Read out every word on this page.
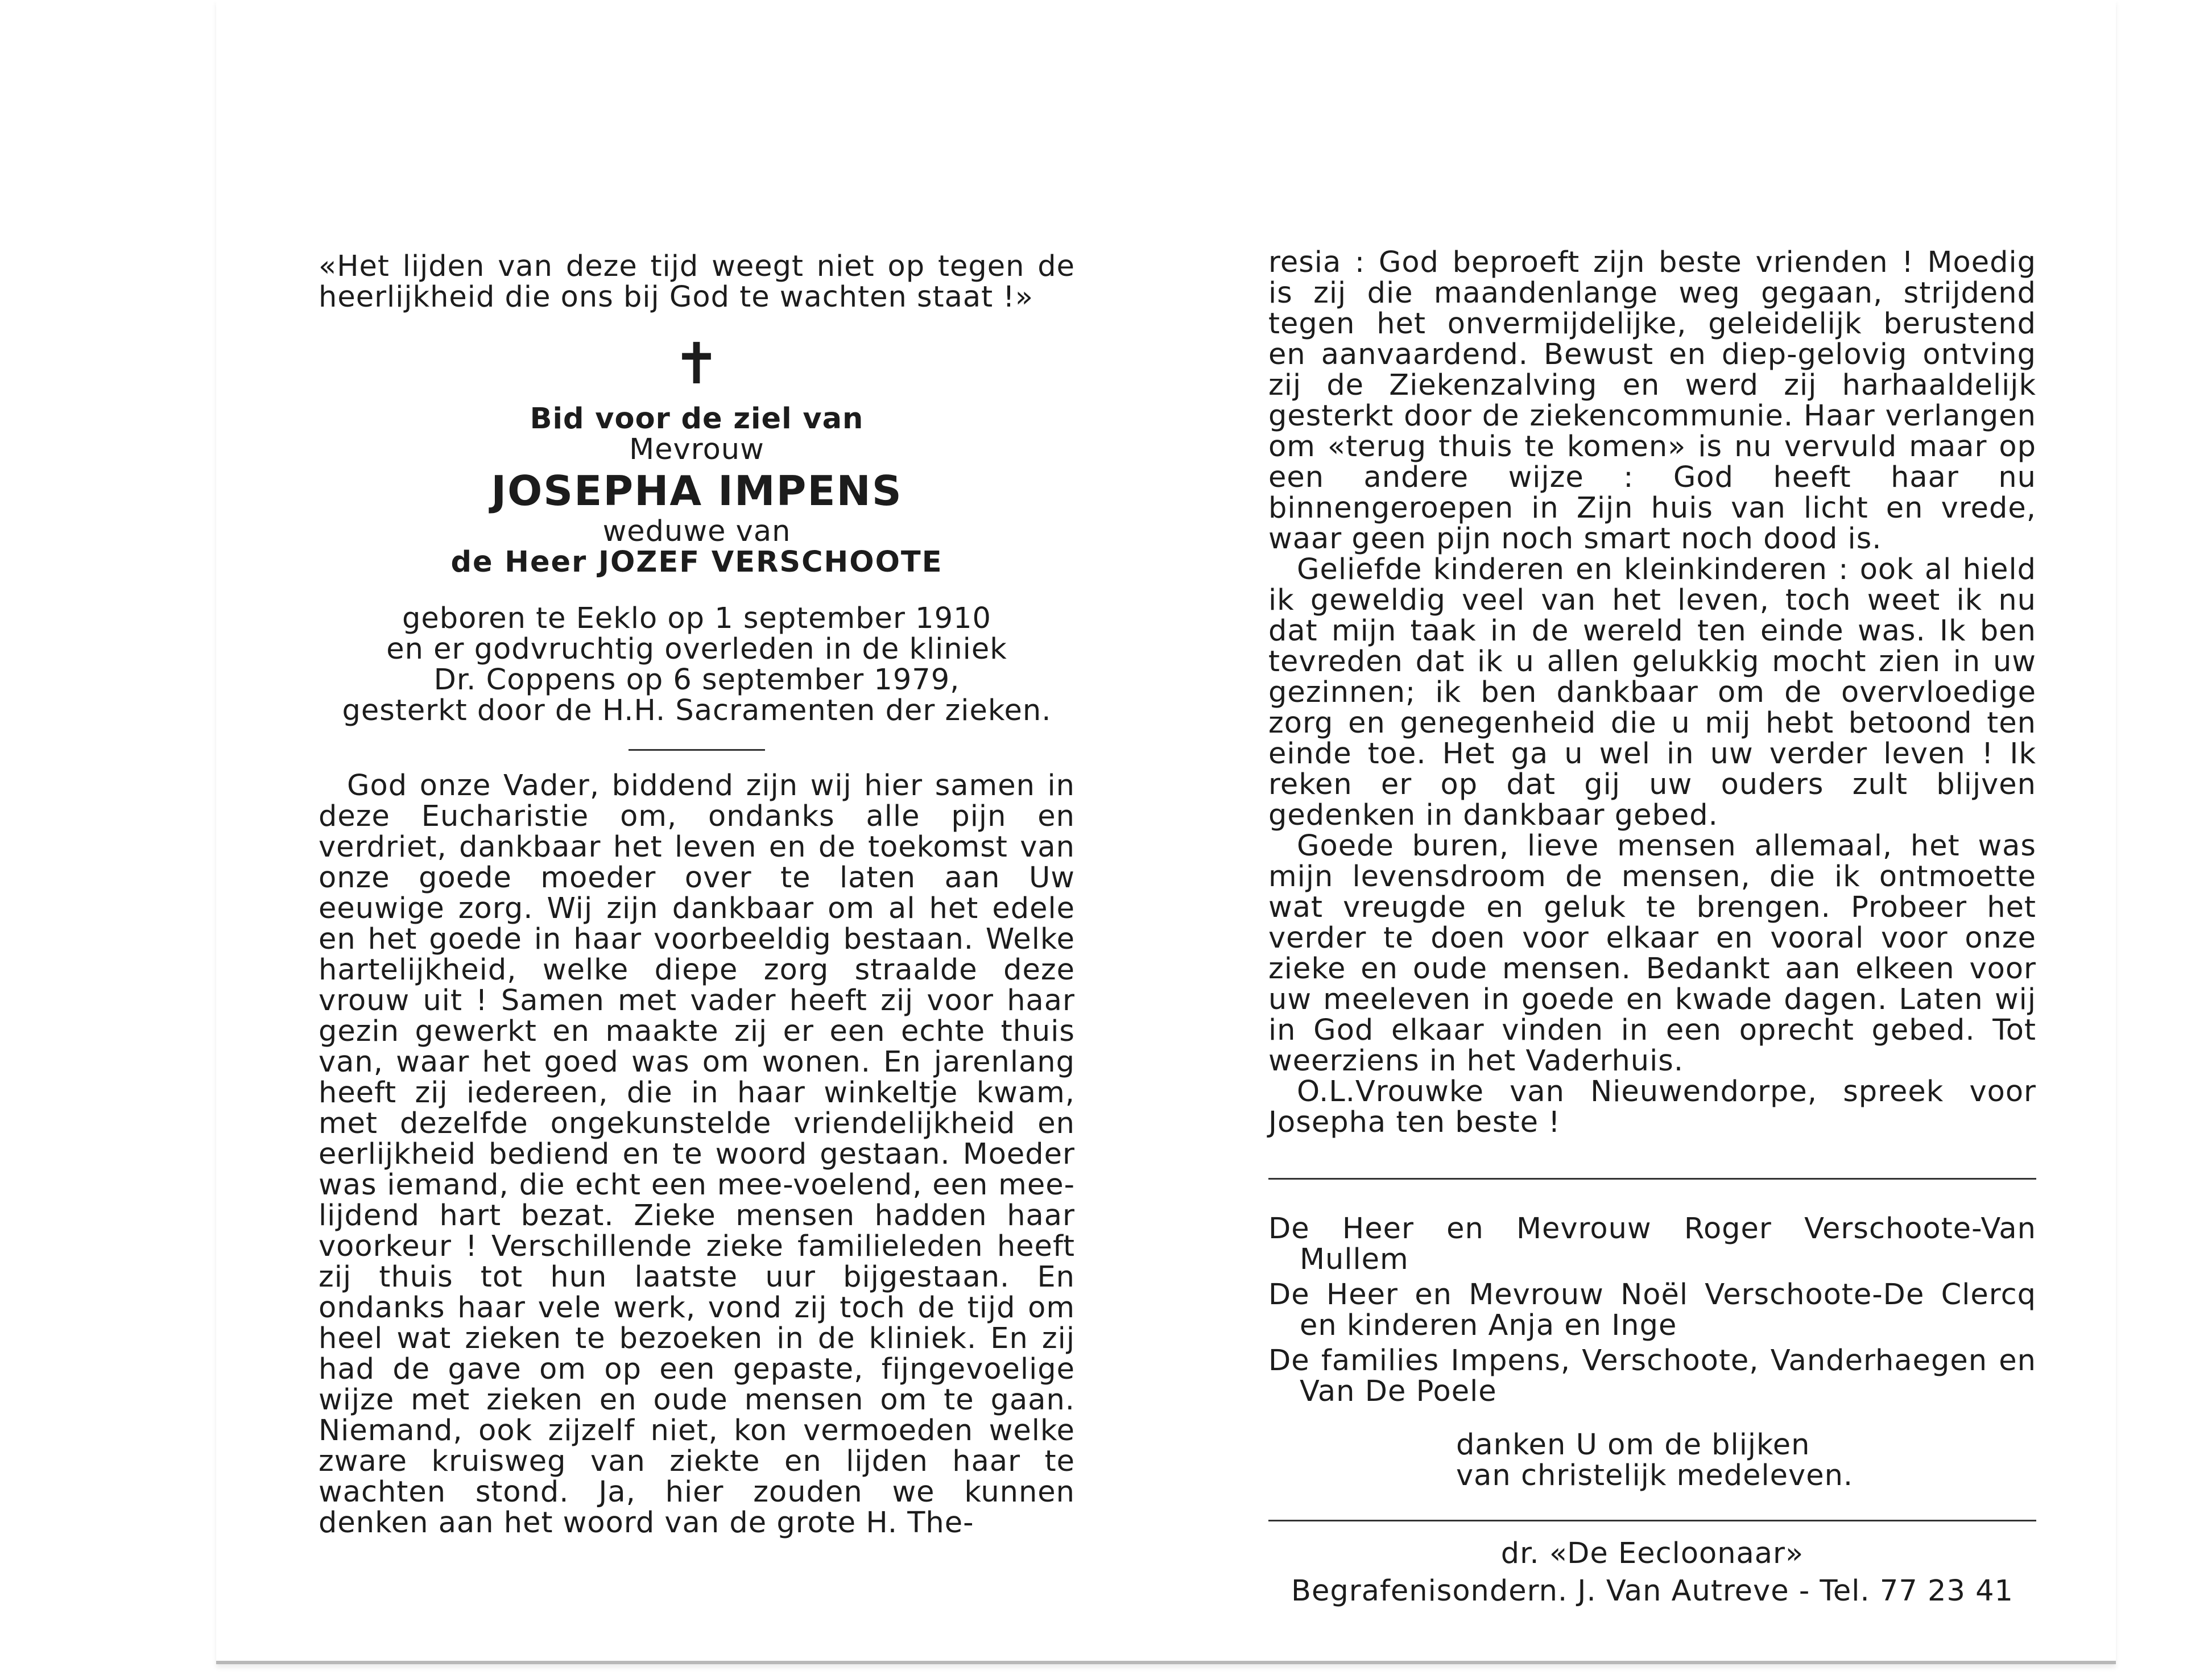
«Het lijden van deze tijd weegt niet op tegen de heerlijkheid die ons bij God te wachten staat !»

✝
Bid voor de ziel van
Mevrouw
JOSEPHA IMPENS
weduwe van
de Heer JOZEF VERSCHOOTE
geboren te Eeklo op 1 september 1910
en er godvruchtig overleden in de kliniek
Dr. Coppens op 6 september 1979,
gesterkt door de H.H. Sacramenten der zieken.

God onze Vader, biddend zijn wij hier samen in deze Eucharistie om, ondanks alle pijn en verdriet, dankbaar het leven en de toekomst van onze goede moeder over te laten aan Uw eeuwige zorg. Wij zijn dankbaar om al het edele en het goede in haar voorbeeldig bestaan. Welke hartelijkheid, welke diepe zorg straalde deze vrouw uit ! Samen met vader heeft zij voor haar gezin gewerkt en maakte zij er een echte thuis van, waar het goed was om wonen. En jarenlang heeft zij iedereen, die in haar winkeltje kwam, met dezelfde ongekunstelde vriendelijkheid en eerlijkheid bediend en te woord gestaan. Moeder was iemand, die echt een mee-voelend, een mee-lijdend hart bezat. Zieke mensen hadden haar voorkeur ! Verschillende zieke familieleden heeft zij thuis tot hun laatste uur bijgestaan. En ondanks haar vele werk, vond zij toch de tijd om heel wat zieken te bezoeken in de kliniek. En zij had de gave om op een gepaste, fijngevoelige wijze met zieken en oude mensen om te gaan. Niemand, ook zijzelf niet, kon vermoeden welke zware kruisweg van ziekte en lijden haar te wachten stond. Ja, hier zouden we kunnen denken aan het woord van de grote H. The-

resia : God beproeft zijn beste vrienden ! Moedig is zij die maandenlange weg gegaan, strijdend tegen het onvermijdelijke, geleidelijk berustend en aanvaardend. Bewust en diep-gelovig ontving zij de Ziekenzalving en werd zij harhaaldelijk gesterkt door de ziekencommunie. Haar verlangen om «terug thuis te komen» is nu vervuld maar op een andere wijze : God heeft haar nu binnengeroepen in Zijn huis van licht en vrede, waar geen pijn noch smart noch dood is.

Geliefde kinderen en kleinkinderen : ook al hield ik geweldig veel van het leven, toch weet ik nu dat mijn taak in de wereld ten einde was. Ik ben tevreden dat ik u allen gelukkig mocht zien in uw gezinnen; ik ben dankbaar om de overvloedige zorg en genegenheid die u mij hebt betoond ten einde toe. Het ga u wel in uw verder leven ! Ik reken er op dat gij uw ouders zult blijven gedenken in dankbaar gebed.

Goede buren, lieve mensen allemaal, het was mijn levensdroom de mensen, die ik ontmoette wat vreugde en geluk te brengen. Probeer het verder te doen voor elkaar en vooral voor onze zieke en oude mensen. Bedankt aan elkeen voor uw meeleven in goede en kwade dagen. Laten wij in God elkaar vinden in een oprecht gebed. Tot weerziens in het Vaderhuis.

O.L.Vrouwke van Nieuwendorpe, spreek voor Josepha ten beste !

De Heer en Mevrouw Roger Verschoote-Van Mullem

De Heer en Mevrouw Noël Verschoote-De Clercq en kinderen Anja en Inge

De families Impens, Verschoote, Vanderhaegen en Van De Poele

danken U om de blijken
van christelijk medeleven.
dr. «De Eecloonaar»
Begrafenisondern. J. Van Autreve - Tel. 77 23 41
